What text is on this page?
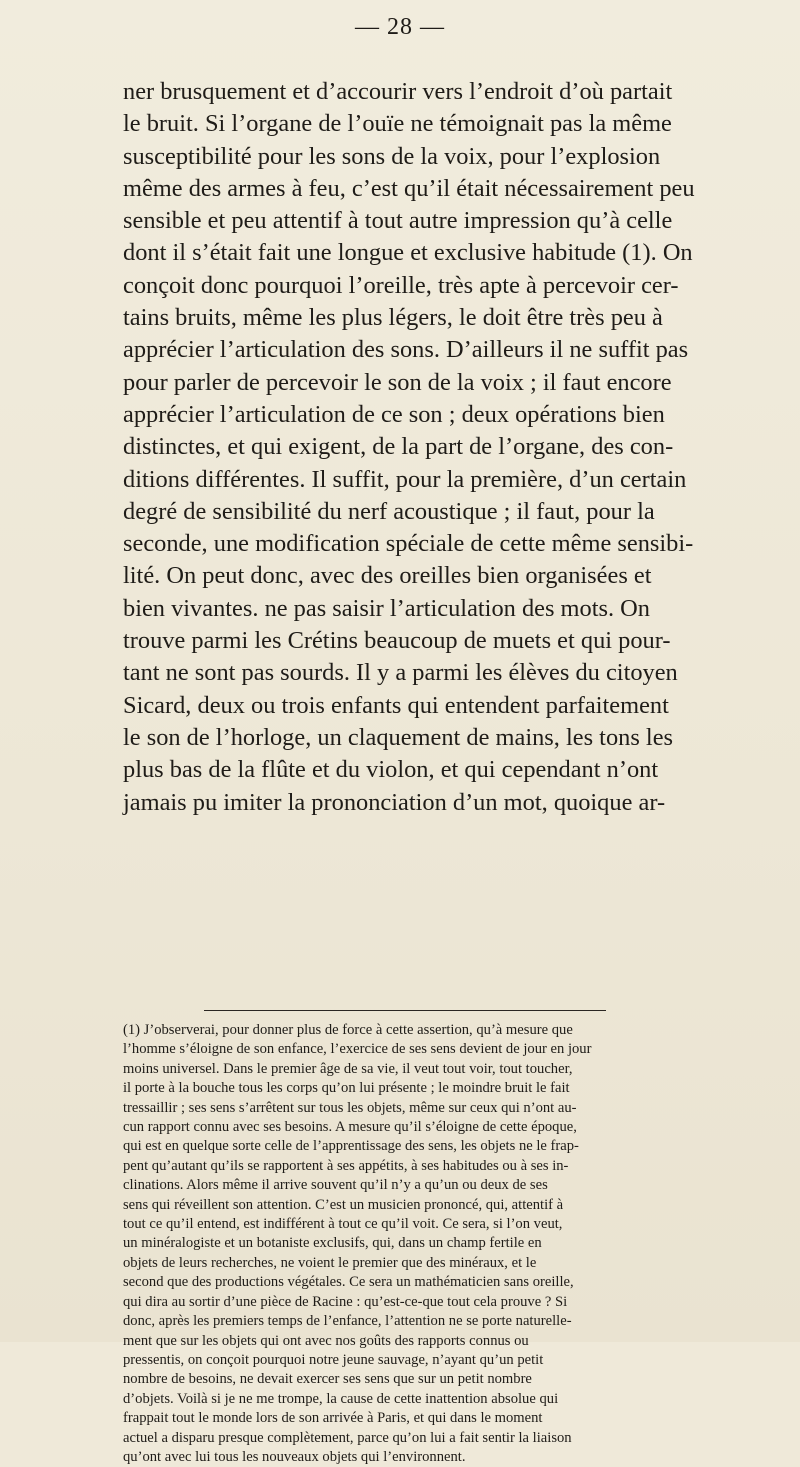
— 28 —
ner brusquement et d’accourir vers l’endroit d’où partait
le bruit. Si l’organe de l’ouïe ne témoignait pas la même
susceptibilité pour les sons de la voix, pour l’explosion
même des armes à feu, c’est qu’il était nécessairement peu
sensible et peu attentif à tout autre impression qu’à celle
dont il s’était fait une longue et exclusive habitude (1). On
conçoit donc pourquoi l’oreille, très apte à percevoir cer-
tains bruits, même les plus légers, le doit être très peu à
apprécier l’articulation des sons. D’ailleurs il ne suffit pas
pour parler de percevoir le son de la voix ; il faut encore
apprécier l’articulation de ce son ; deux opérations bien
distinctes, et qui exigent, de la part de l’organe, des con-
ditions différentes. Il suffit, pour la première, d’un certain
degré de sensibilité du nerf acoustique ; il faut, pour la
seconde, une modification spéciale de cette même sensibi-
lité. On peut donc, avec des oreilles bien organisées et
bien vivantes. ne pas saisir l’articulation des mots. On
trouve parmi les Crétins beaucoup de muets et qui pour-
tant ne sont pas sourds. Il y a parmi les élèves du citoyen
Sicard, deux ou trois enfants qui entendent parfaitement
le son de l’horloge, un claquement de mains, les tons les
plus bas de la flûte et du violon, et qui cependant n’ont
jamais pu imiter la prononciation d’un mot, quoique ar-
(1) J’observerai, pour donner plus de force à cette assertion, qu’à mesure que
l’homme s’éloigne de son enfance, l’exercice de ses sens devient de jour en jour
moins universel. Dans le premier âge de sa vie, il veut tout voir, tout toucher,
il porte à la bouche tous les corps qu’on lui présente ; le moindre bruit le fait
tressaillir ; ses sens s’arrêtent sur tous les objets, même sur ceux qui n’ont au-
cun rapport connu avec ses besoins. A mesure qu’il s’éloigne de cette époque,
qui est en quelque sorte celle de l’apprentissage des sens, les objets ne le frap-
pent qu’autant qu’ils se rapportent à ses appétits, à ses habitudes ou à ses in-
clinations. Alors même il arrive souvent qu’il n’y a qu’un ou deux de ses
sens qui réveillent son attention. C’est un musicien prononcé, qui, attentif à
tout ce qu’il entend, est indifférent à tout ce qu’il voit. Ce sera, si l’on veut,
un minéralogiste et un botaniste exclusifs, qui, dans un champ fertile en
objets de leurs recherches, ne voient le premier que des minéraux, et le
second que des productions végétales. Ce sera un mathématicien sans oreille,
qui dira au sortir d’une pièce de Racine : qu’est-ce-que tout cela prouve ? Si
donc, après les premiers temps de l’enfance, l’attention ne se porte naturelle-
ment que sur les objets qui ont avec nos goûts des rapports connus ou
pressentis, on conçoit pourquoi notre jeune sauvage, n’ayant qu’un petit
nombre de besoins, ne devait exercer ses sens que sur un petit nombre
d’objets. Voilà si je ne me trompe, la cause de cette inattention absolue qui
frappait tout le monde lors de son arrivée à Paris, et qui dans le moment
actuel a disparu presque complètement, parce qu’on lui a fait sentir la liaison
qu’ont avec lui tous les nouveaux objets qui l’environnent.
